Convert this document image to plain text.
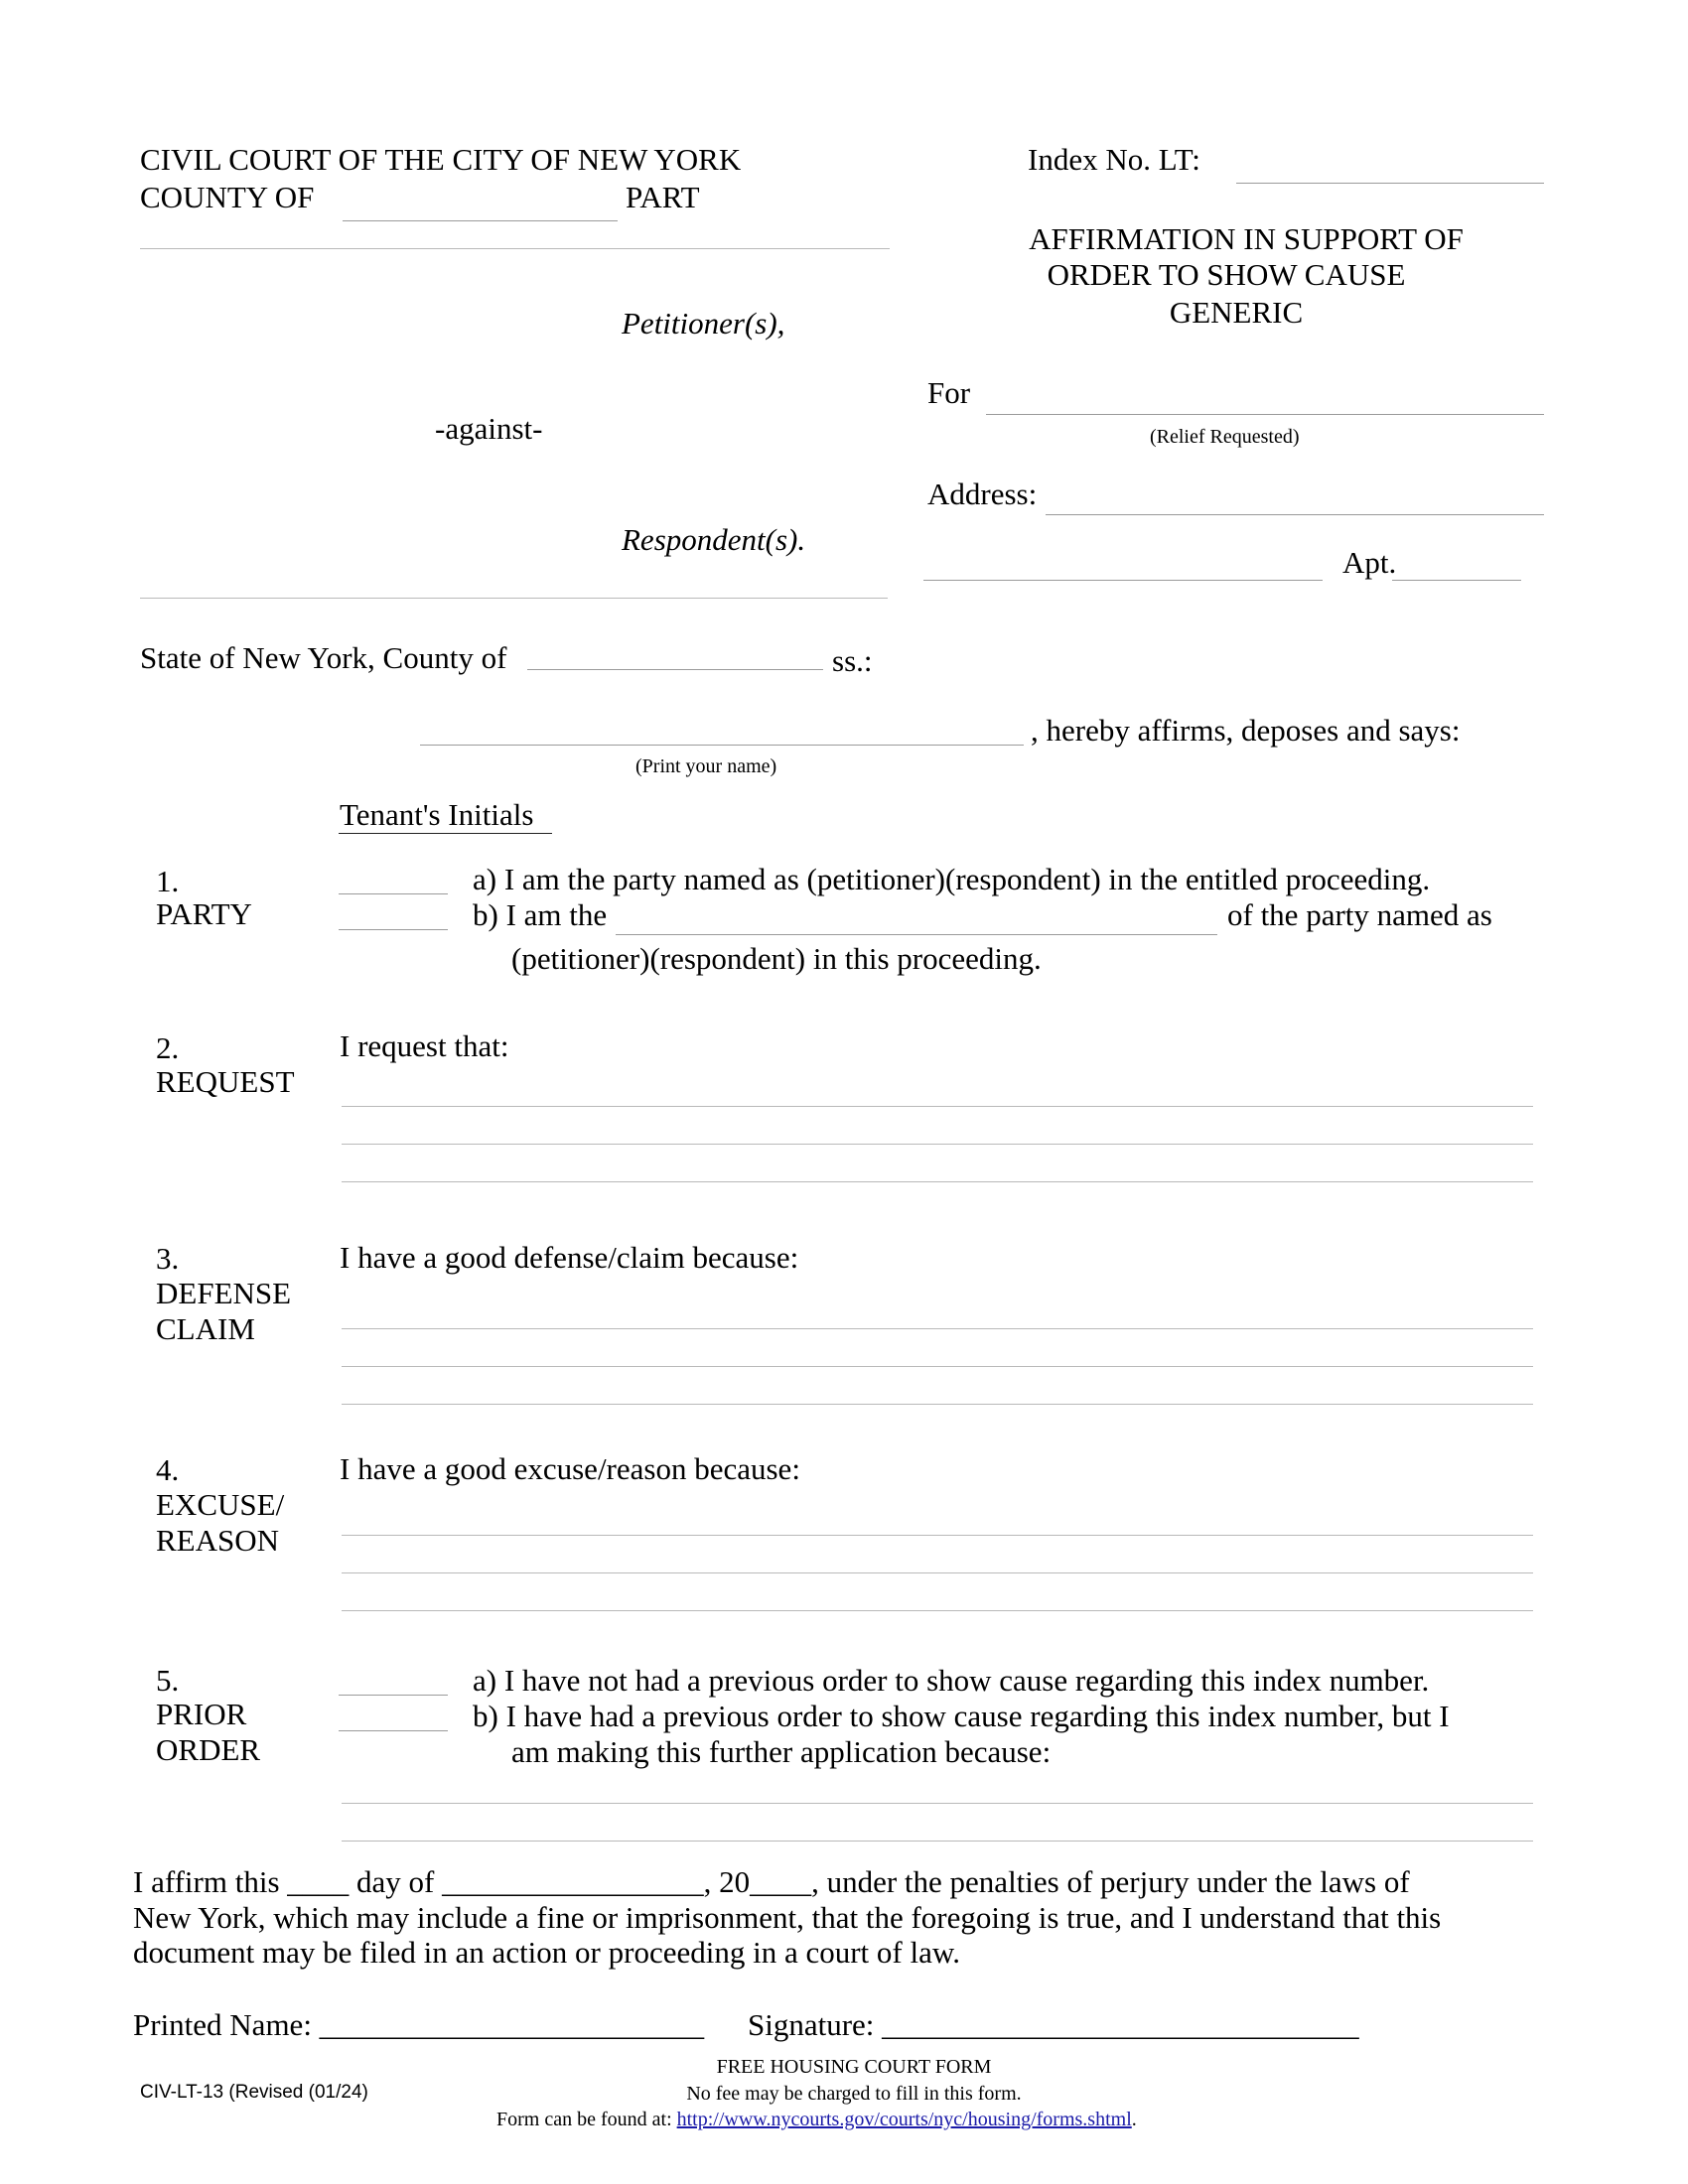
CIVIL COURT OF THE CITY OF NEW YORK
COUNTY OF	PART
Index No. LT:
AFFIRMATION IN SUPPORT OF
ORDER TO SHOW CAUSE
GENERIC
Petitioner(s),
-against-
Respondent(s).
For
(Relief Requested)
Address:
Apt.
State of New York, County of	ss.:
, hereby affirms, deposes and says:
(Print your name)
Tenant's Initials
1.
PARTY
a) I am the party named as (petitioner)(respondent) in the entitled proceeding.
b) I am the	of the party named as
(petitioner)(respondent) in this proceeding.
2.
REQUEST
I request that:
3.
DEFENSE
CLAIM
I have a good defense/claim because:
4.
EXCUSE/
REASON
I have a good excuse/reason because:
5.
PRIOR
ORDER
a) I have not had a previous order to show cause regarding this index number.
b) I have had a previous order to show cause regarding this index number, but I
am making this further application because:
I affirm this ____ day of _________________, 20____, under the penalties of perjury under the laws of
New York, which may include a fine or imprisonment, that the foregoing is true, and I understand that this
document may be filed in an action or proceeding in a court of law.
Printed Name: _________________________ Signature: _______________________________
FREE HOUSING COURT FORM
CIV-LT-13 (Revised (01/24)	No fee may be charged to fill in this form.
Form can be found at: http://www.nycourts.gov/courts/nyc/housing/forms.shtml.
